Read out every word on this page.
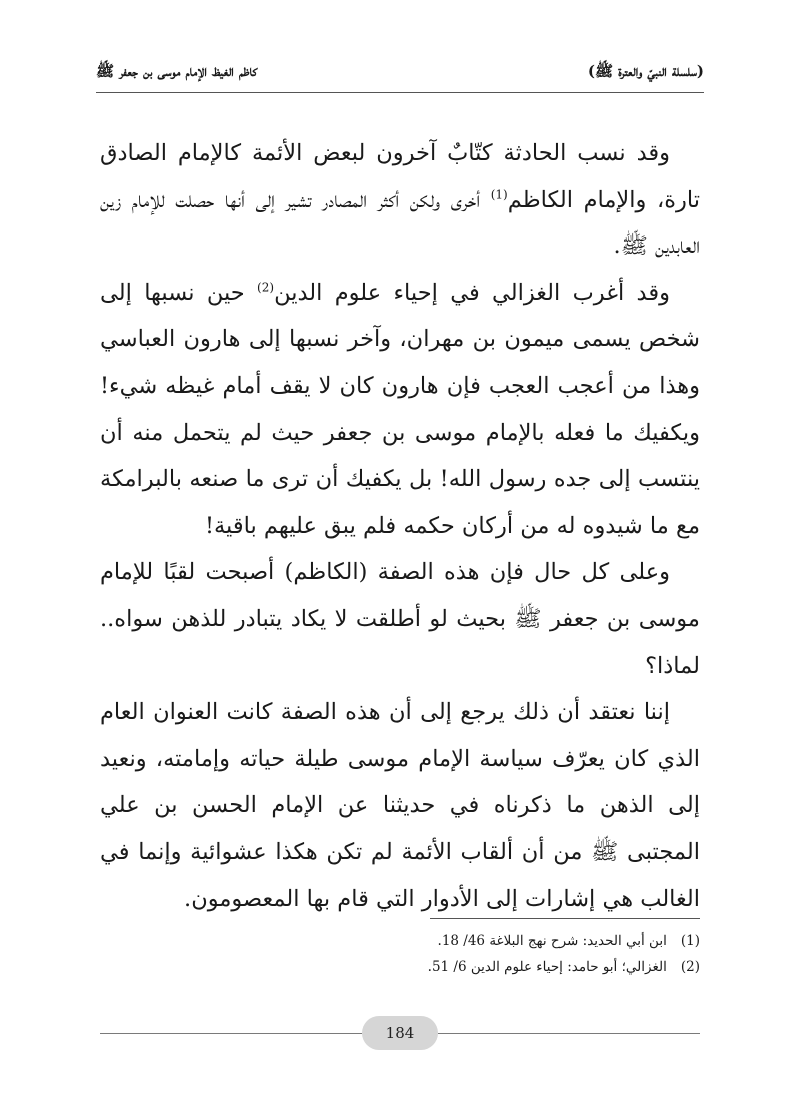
(سلسلة النبيّ والعترة ﷺ)
كاظم الغيظ الإمام موسى بن جعفر ﷺ

وقد نسب الحادثة كتّابٌ آخرون لبعض الأئمة كالإمام الصادق تارة، والإمام الكاظم$^{(1)}$ أخرى ولكن أكثر المصادر تشير إلى أنها حصلت للإمام زين العابدين ﷺ.

وقد أغرب الغزالي في إحياء علوم الدين$^{(2)}$ حين نسبها إلى شخص يسمى ميمون بن مهران، وآخر نسبها إلى هارون العباسي وهذا من أعجب العجب فإن هارون كان لا يقف أمام غيظه شيء! ويكفيك ما فعله بالإمام موسى بن جعفر حيث لم يتحمل منه أن ينتسب إلى جده رسول الله! بل يكفيك أن ترى ما صنعه بالبرامكة مع ما شيدوه له من أركان حكمه فلم يبق عليهم باقية!

وعلى كل حال فإن هذه الصفة (الكاظم) أصبحت لقبًا للإمام موسى بن جعفر ﷺ بحيث لو أطلقت لا يكاد يتبادر للذهن سواه.. لماذا؟

إننا نعتقد أن ذلك يرجع إلى أن هذه الصفة كانت العنوان العام الذي كان يعرّف سياسة الإمام موسى طيلة حياته وإمامته، ونعيد إلى الذهن ما ذكرناه في حديثنا عن الإمام الحسن بن علي المجتبى ﷺ من أن ألقاب الأئمة لم تكن هكذا عشوائية وإنما في الغالب هي إشارات إلى الأدوار التي قام بها المعصومون.

(1)
ابن أبي الحديد: شرح نهج البلاغة 46/ 18.
(2)
الغزالي؛ أبو حامد: إحياء علوم الدين 6/ 51.
184
